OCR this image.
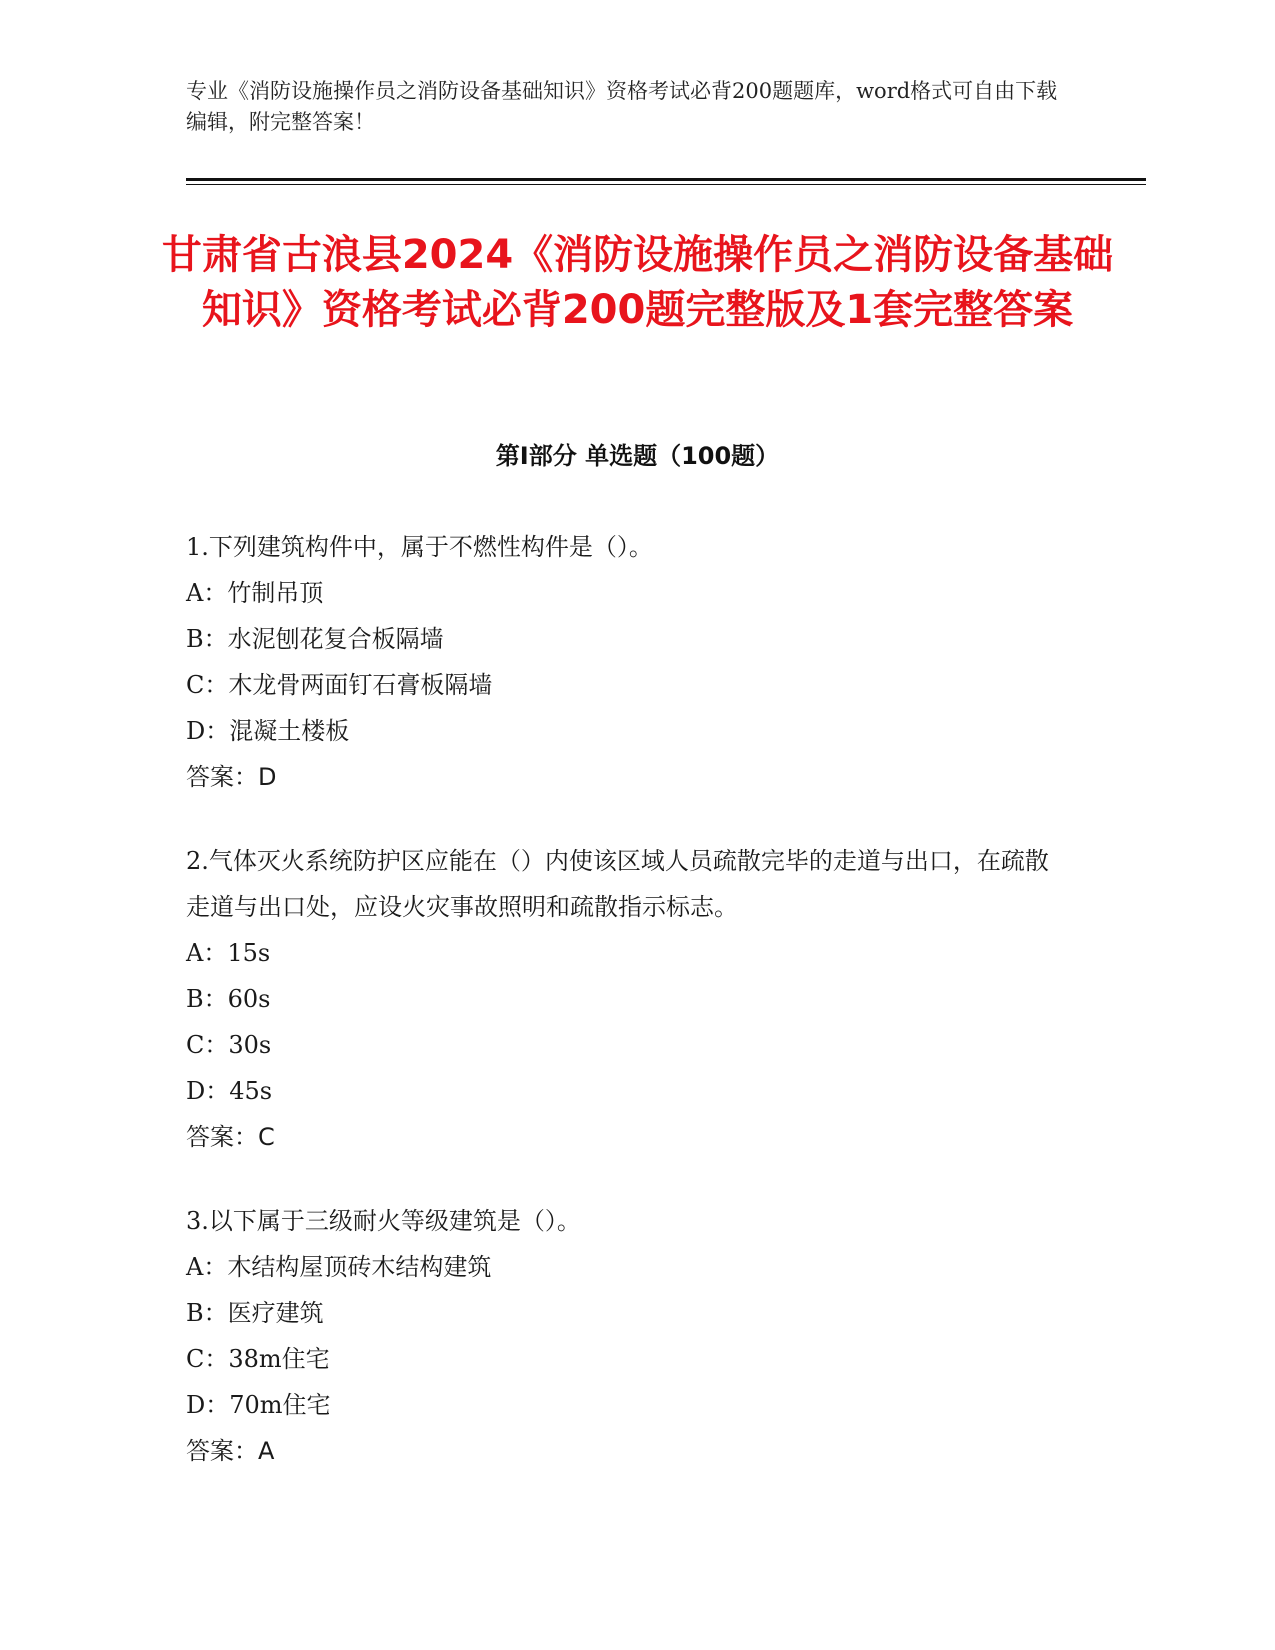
专业《消防设施操作员之消防设备基础知识》资格考试必背200题题库，word格式可自由下载编辑，附完整答案！
甘肃省古浪县2024《消防设施操作员之消防设备基础知识》资格考试必背200题完整版及1套完整答案
第I部分 单选题（100题）
1.下列建筑构件中，属于不燃性构件是（）。
A：竹制吊顶
B：水泥刨花复合板隔墙
C：木龙骨两面钉石膏板隔墙
D：混凝土楼板
答案：D
2.气体灭火系统防护区应能在（）内使该区域人员疏散完毕的走道与出口，在疏散走道与出口处，应设火灾事故照明和疏散指示标志。
A：15s
B：60s
C：30s
D：45s
答案：C
3.以下属于三级耐火等级建筑是（）。
A：木结构屋顶砖木结构建筑
B：医疗建筑
C：38m住宅
D：70m住宅
答案：A
